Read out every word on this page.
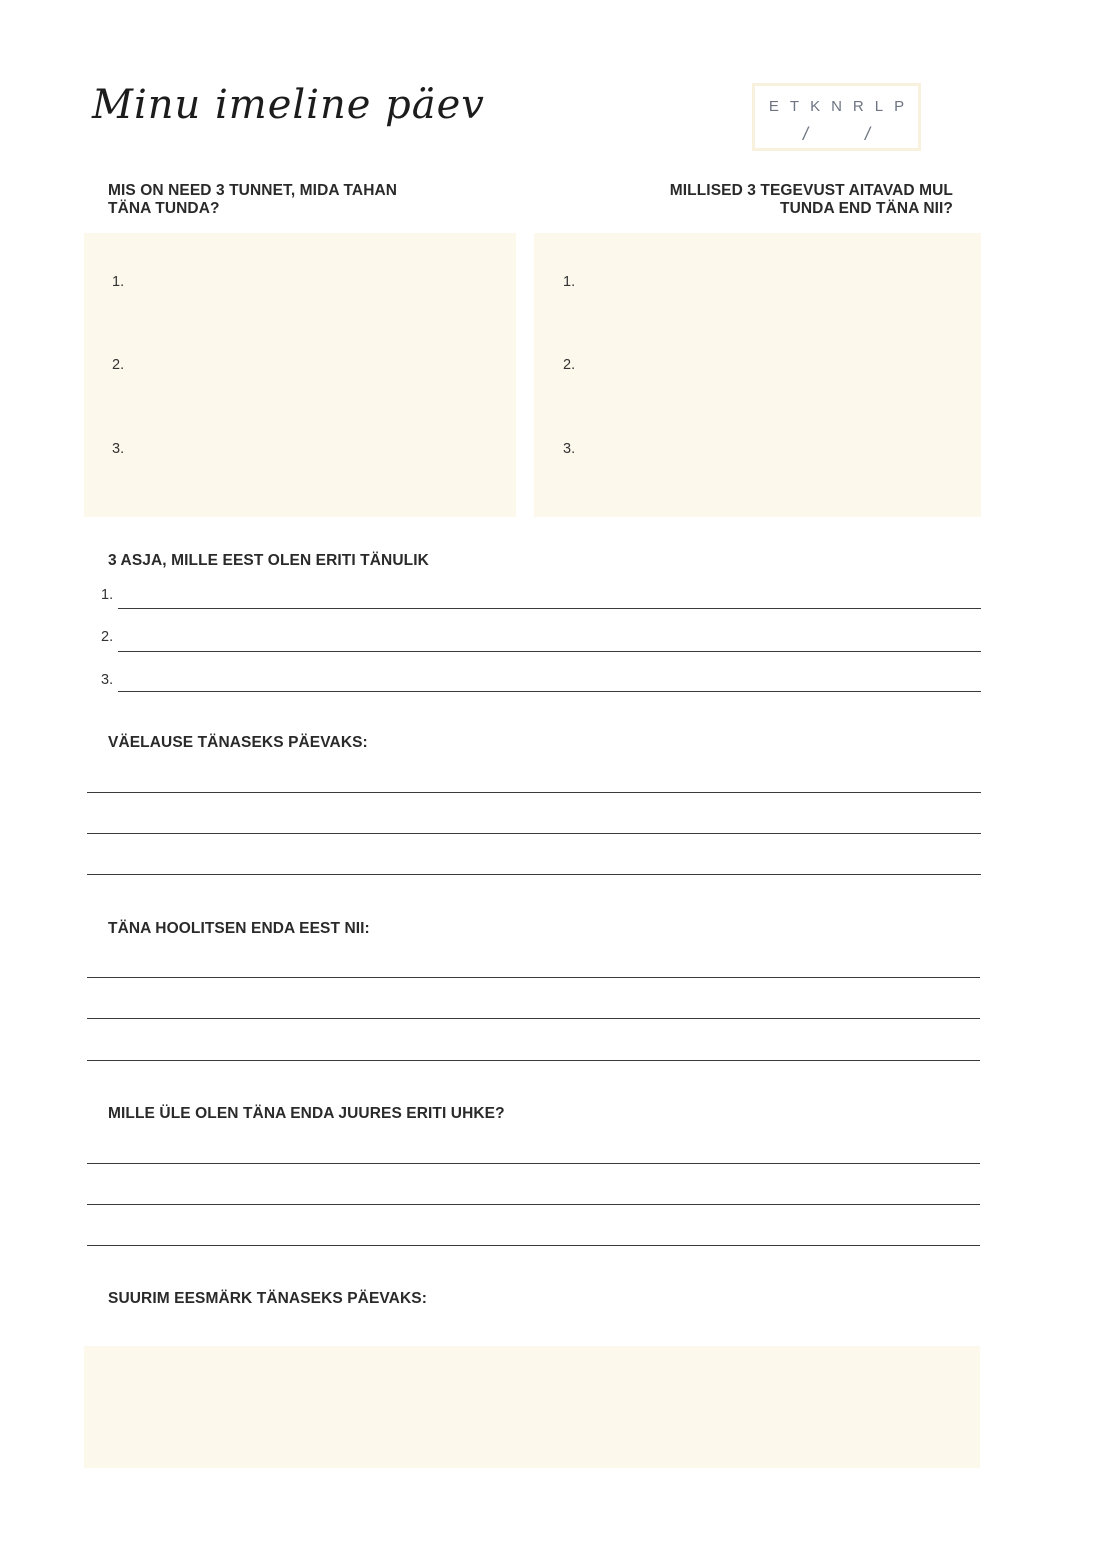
Minu imeline päev	E T K N R L P
/	/
MIS ON NEED 3 TUNNET, MIDA TAHAN
TÄNA TUNDA?
MILLISED 3 TEGEVUST AITAVAD MUL
TUNDA END TÄNA NII?
1.
2.
3.
1.
2.
3.
3 ASJA, MILLE EEST OLEN ERITI TÄNULIK
1.
2.
3.
VÄELAUSE TÄNASEKS PÄEVAKS:
TÄNA HOOLITSEN ENDA EEST NII:
MILLE ÜLE OLEN TÄNA ENDA JUURES ERITI UHKE?
SUURIM EESMÄRK TÄNASEKS PÄEVAKS:
